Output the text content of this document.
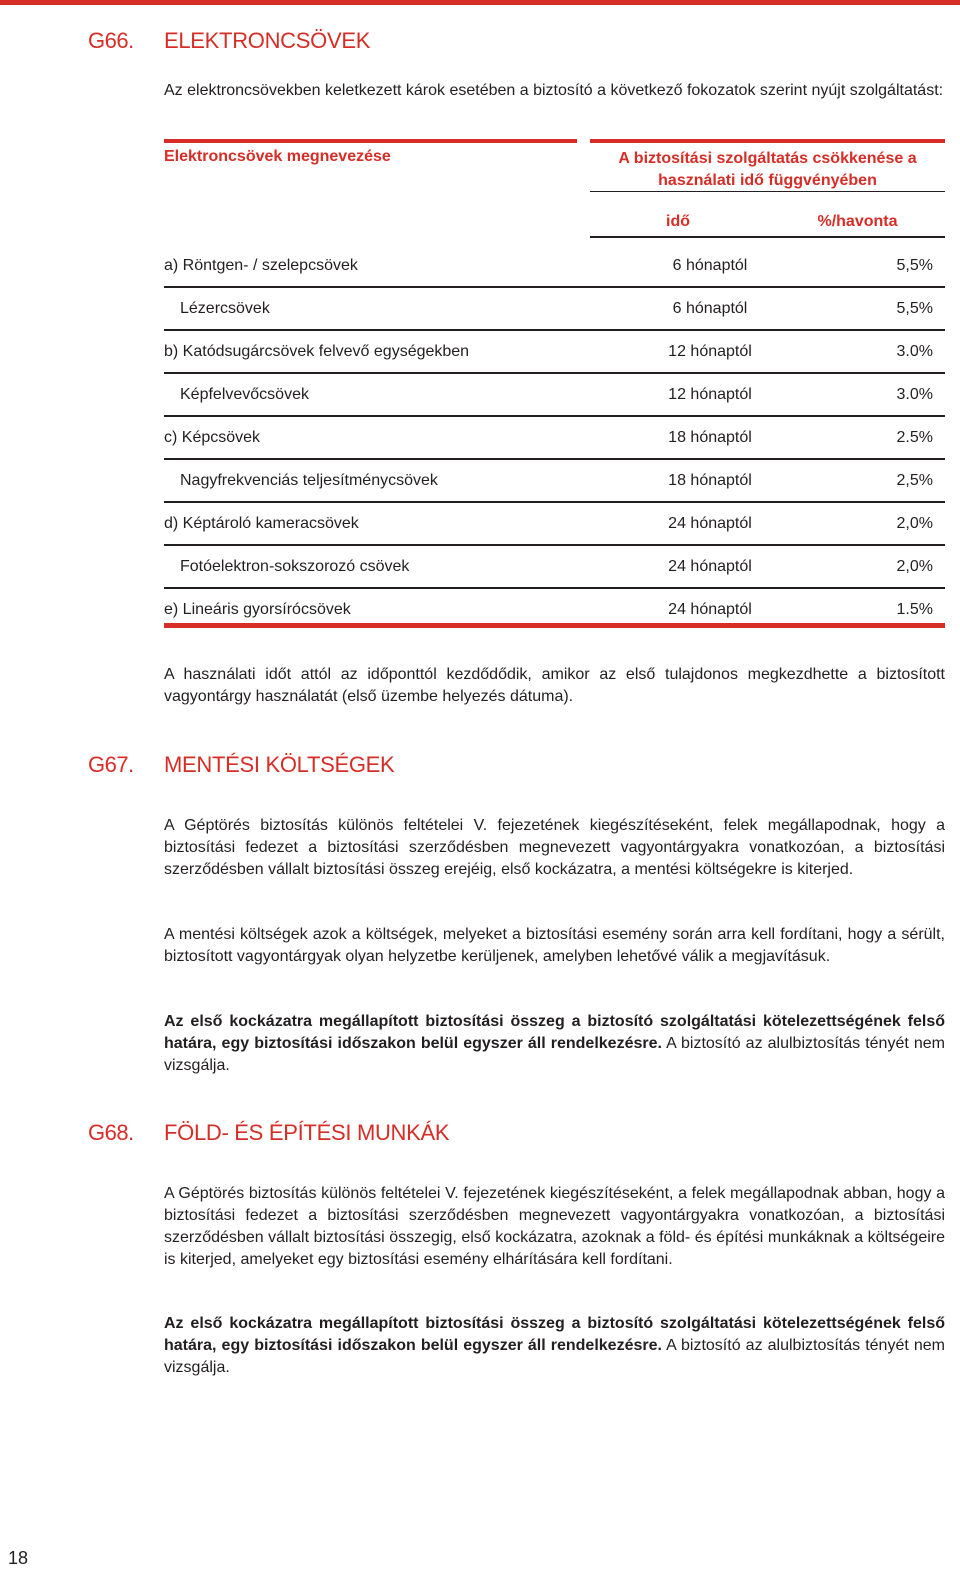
G66. ELEKTRONCSÖVEK

Az elektroncsövekben keletkezett károk esetében a biztosító a következő fokozatok szerint nyújt szolgáltatást:

Elektroncsövek megnevezése	A biztosítási szolgáltatás csökkenése a használati idő függvényében
idő	%/havonta
a) Röntgen- / szelepcsövek	6 hónaptól	5,5%
Lézercsövek	6 hónaptól	5,5%
b) Katódsugárcsövek felvevő egységekben	12 hónaptól	3.0%
Képfelvevőcsövek	12 hónaptól	3.0%
c) Képcsövek	18 hónaptól	2.5%
Nagyfrekvenciás teljesítménycsövek	18 hónaptól	2,5%
d) Képtároló kameracsövek	24 hónaptól	2,0%
Fotóelektron-sokszorozó csövek	24 hónaptól	2,0%
e) Lineáris gyorsírócsövek	24 hónaptól	1.5%

A használati időt attól az időponttól kezdődődik, amikor az első tulajdonos megkezdhette a biztosított vagyontárgy használatát (első üzembe helyezés dátuma).

G67. MENTÉSI KÖLTSÉGEK

A Géptörés biztosítás különös feltételei V. fejezetének kiegészítéseként, felek megállapodnak, hogy a biztosítási fedezet a biztosítási szerződésben megnevezett vagyontárgyakra vonatkozóan, a biztosítási szerződésben vállalt biztosítási összeg erejéig, első kockázatra, a mentési költségekre is kiterjed.

A mentési költségek azok a költségek, melyeket a biztosítási esemény során arra kell fordítani, hogy a sérült, biztosított vagyontárgyak olyan helyzetbe kerüljenek, amelyben lehetővé válik a megjavításuk.

Az első kockázatra megállapított biztosítási összeg a biztosító szolgáltatási kötelezettségének felső határa, egy biztosítási időszakon belül egyszer áll rendelkezésre. A biztosító az alulbiztosítás tényét nem vizsgálja.

G68. FÖLD- ÉS ÉPÍTÉSI MUNKÁK

A Géptörés biztosítás különös feltételei V. fejezetének kiegészítéseként, a felek megállapodnak abban, hogy a biztosítási fedezet a biztosítási szerződésben megnevezett vagyontárgyakra vonatkozóan, a biztosítási szerződésben vállalt biztosítási összegig, első kockázatra, azoknak a föld- és építési munkáknak a költségeire is kiterjed, amelyeket egy biztosítási esemény elhárítására kell fordítani.

Az első kockázatra megállapított biztosítási összeg a biztosító szolgáltatási kötelezettségének felső határa, egy biztosítási időszakon belül egyszer áll rendelkezésre. A biztosító az alulbiztosítás tényét nem vizsgálja.

18
